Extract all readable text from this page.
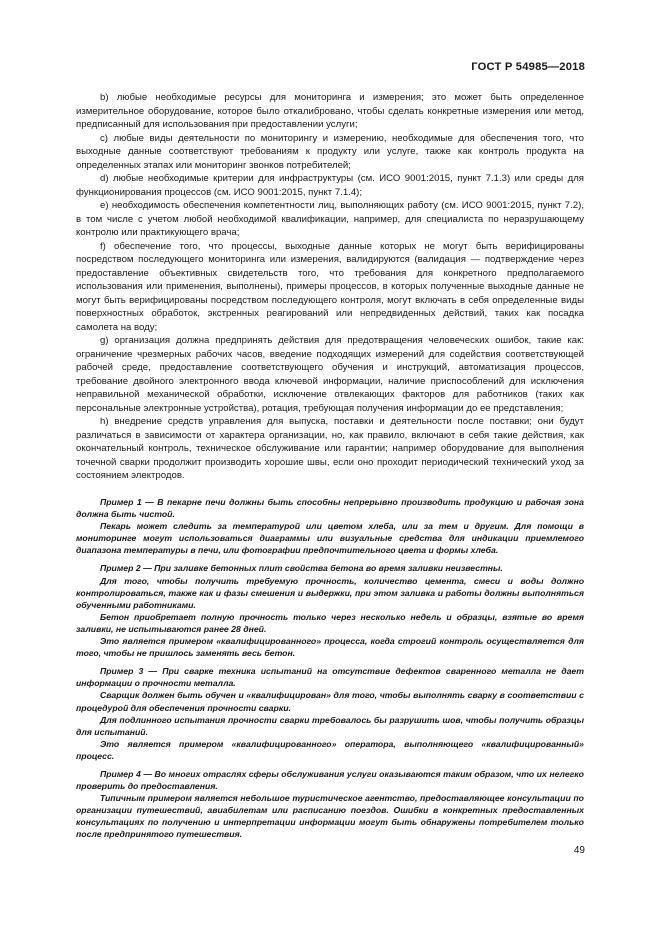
ГОСТ Р 54985—2018

b) любые необходимые ресурсы для мониторинга и измерения; это может быть определенное измерительное оборудование, которое было откалибровано, чтобы сделать конкретные измерения или метод, предписанный для использования при предоставлении услуги;

c) любые виды деятельности по мониторингу и измерению, необходимые для обеспечения того, что выходные данные соответствуют требованиям к продукту или услуге, также как контроль продукта на определенных этапах или мониторинг звонков потребителей;

d) любые необходимые критерии для инфраструктуры (см. ИСО 9001:2015, пункт 7.1.3) или среды для функционирования процессов (см. ИСО 9001:2015, пункт 7.1.4);

e) необходимость обеспечения компетентности лиц, выполняющих работу (см. ИСО 9001:2015, пункт 7.2), в том числе с учетом любой необходимой квалификации, например, для специалиста по неразрушающему контролю или практикующего врача;

f) обеспечение того, что процессы, выходные данные которых не могут быть верифицированы посредством последующего мониторинга или измерения, валидируются (валидация — подтверждение через предоставление объективных свидетельств того, что требования для конкретного предполагаемого использования или применения, выполнены), примеры процессов, в которых полученные выходные данные не могут быть верифицированы посредством последующего контроля, могут включать в себя определенные виды поверхностных обработок, экстренных реагирований или непредвиденных действий, таких как посадка самолета на воду;

g) организация должна предпринять действия для предотвращения человеческих ошибок, такие как: ограничение чрезмерных рабочих часов, введение подходящих измерений для содействия соответствующей рабочей среде, предоставление соответствующего обучения и инструкций, автоматизация процессов, требование двойного электронного ввода ключевой информации, наличие приспособлений для исключения неправильной механической обработки, исключение отвлекающих факторов для работников (таких как персональные электронные устройства), ротация, требующая получения информации до ее представления;

h) внедрение средств управления для выпуска, поставки и деятельности после поставки; они будут различаться в зависимости от характера организации, но, как правило, включают в себя такие действия, как окончательный контроль, техническое обслуживание или гарантии; например оборудование для выполнения точечной сварки продолжит производить хорошие швы, если оно проходит периодический технический уход за состоянием электродов.

Пример 1 — В пекарне печи должны быть способны непрерывно производить продукцию и рабочая зона должна быть чистой.

Пекарь может следить за температурой или цветом хлеба, или за тем и другим. Для помощи в мониторинге могут использоваться диаграммы или визуальные средства для индикации приемлемого диапазона температуры в печи, или фотографии предпочтительного цвета и формы хлеба.

Пример 2 — При заливке бетонных плит свойства бетона во время заливки неизвестны.

Для того, чтобы получить требуемую прочность, количество цемента, смеси и воды должно контролироваться, также как и фазы смешения и выдержки, при этом заливка и работы должны выполняться обученными работниками.

Бетон приобретает полную прочность только через несколько недель и образцы, взятые во время заливки, не испытываются ранее 28 дней.

Это является примером «квалифицированного» процесса, когда строгий контроль осуществляется для того, чтобы не пришлось заменять весь бетон.

Пример 3 — При сварке техника испытаний на отсутствие дефектов сваренного металла не дает информации о прочности металла.

Сварщик должен быть обучен и «квалифицирован» для того, чтобы выполнять сварку в соответствии с процедурой для обеспечения прочности сварки.

Для подлинного испытания прочности сварки требовалось бы разрушить шов, чтобы получить образцы для испытаний.

Это является примером «квалифицированного» оператора, выполняющего «квалифицированный» процесс.

Пример 4 — Во многих отраслях сферы обслуживания услуги оказываются таким образом, что их нелегко проверить до предоставления.

Типичным примером является небольшое туристическое агентство, предоставляющее консультации по организации путешествий, авиабилетам или расписанию поездов. Ошибки в конкретных предоставленных консультациях по получению и интерпретации информации могут быть обнаружены потребителем только после предпринятого путешествия.

49
